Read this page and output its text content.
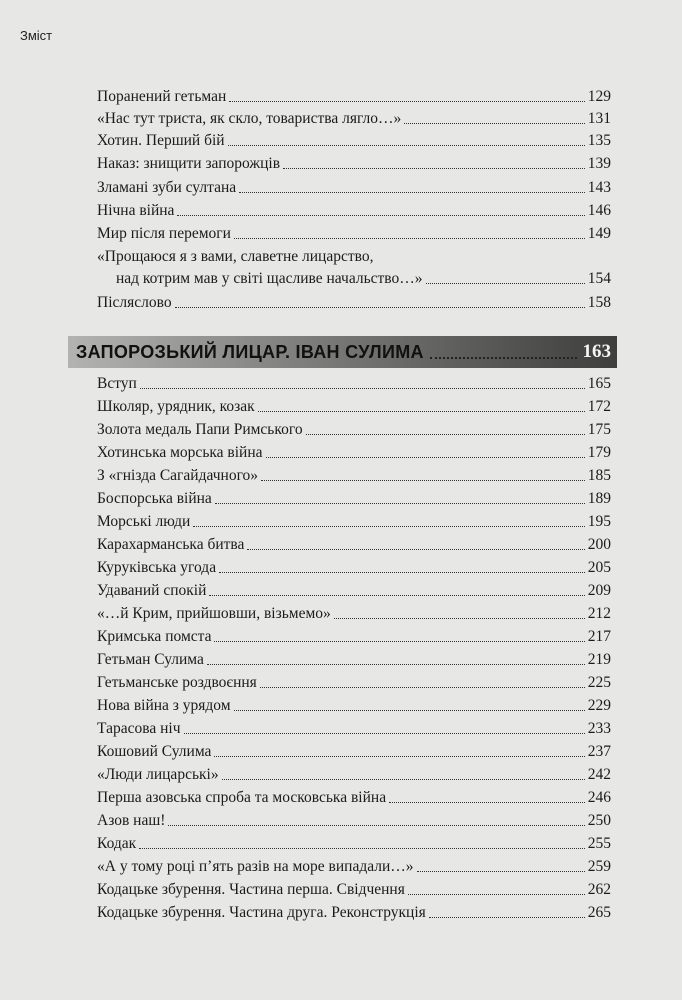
Зміст
Поранений гетьман	129
«Нас тут триста, як скло, товариства лягло…»	131
Хотин. Перший бій	135
Наказ: знищити запорожців	139
Зламані зуби султана	143
Нічна війна	146
Мир після перемоги	149
«Прощаюся я з вами, славетне лицарство,
над котрим мав у світі щасливе начальство…»	154
Післяслово	158
ЗАПОРОЗЬКИЙ ЛИЦАР. ІВАН СУЛИМА	163
Вступ	165
Школяр, урядник, козак	172
Золота медаль Папи Римського	175
Хотинська морська війна	179
З «гнізда Сагайдачного»	185
Боспорська війна	189
Морські люди	195
Карахарманська битва	200
Куруківська угода	205
Удаваний спокій	209
«…й Крим, прийшовши, візьмемо»	212
Кримська помста	217
Гетьман Сулима	219
Гетьманське роздвоєння	225
Нова війна з урядом	229
Тарасова ніч	233
Кошовий Сулима	237
«Люди лицарські»	242
Перша азовська спроба та московська війна	246
Азов наш!	250
Кодак	255
«А у тому році п’ять разів на море випадали…»	259
Кодацьке збурення. Частина перша. Свідчення	262
Кодацьке збурення. Частина друга. Реконструкція	265
